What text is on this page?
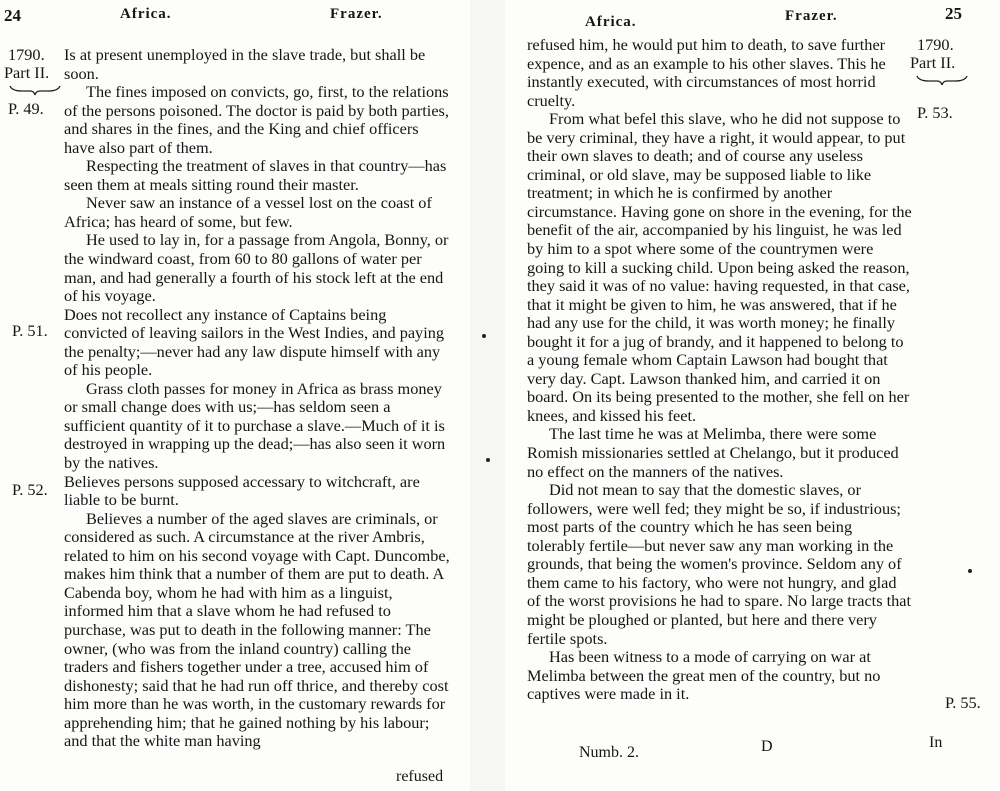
24	Africa.	Frazer.
1790.
Part II.
P. 49.
P. 51.
P. 52.

Is at present unemployed in the slave trade, but shall be soon.

The fines imposed on convicts, go, first, to the relations of the persons poisoned. The doctor is paid by both parties, and shares in the fines, and the King and chief officers have also part of them.

Respecting the treatment of slaves in that country—has seen them at meals sitting round their master.

Never saw an instance of a vessel lost on the coast of Africa; has heard of some, but few.

He used to lay in, for a passage from Angola, Bonny, or the windward coast, from 60 to 80 gallons of water per man, and had generally a fourth of his stock left at the end of his voyage.

Does not recollect any instance of Captains being convicted of leaving sailors in the West Indies, and paying the penalty;—never had any law dispute himself with any of his people.

Grass cloth passes for money in Africa as brass money or small change does with us;—has seldom seen a sufficient quantity of it to purchase a slave.—Much of it is destroyed in wrapping up the dead;—has also seen it worn by the natives.

Believes persons supposed accessary to witchcraft, are liable to be burnt.

Believes a number of the aged slaves are criminals, or considered as such. A circumstance at the river Ambris, related to him on his second voyage with Capt. Duncombe, makes him think that a number of them are put to death. A Cabenda boy, whom he had with him as a linguist, informed him that a slave whom he had refused to purchase, was put to death in the following manner: The owner, (who was from the inland country) calling the traders and fishers together under a tree, accused him of dishonesty; said that he had run off thrice, and thereby cost him more than he was worth, in the customary rewards for apprehending him; that he gained nothing by his labour; and that the white man having

refused
Africa.	Frazer.	25
1790.
Part II.
P. 53.
P. 55.

refused him, he would put him to death, to save further expence, and as an example to his other slaves. This he instantly executed, with circumstances of most horrid cruelty.

From what befel this slave, who he did not suppose to be very criminal, they have a right, it would appear, to put their own slaves to death; and of course any useless criminal, or old slave, may be supposed liable to like treatment; in which he is confirmed by another circumstance. Having gone on shore in the evening, for the benefit of the air, accompanied by his linguist, he was led by him to a spot where some of the countrymen were going to kill a sucking child. Upon being asked the reason, they said it was of no value: having requested, in that case, that it might be given to him, he was answered, that if he had any use for the child, it was worth money; he finally bought it for a jug of brandy, and it happened to belong to a young female whom Captain Lawson had bought that very day. Capt. Lawson thanked him, and carried it on board. On its being presented to the mother, she fell on her knees, and kissed his feet.

The last time he was at Melimba, there were some Romish missionaries settled at Chelango, but it produced no effect on the manners of the natives.

Did not mean to say that the domestic slaves, or followers, were well fed; they might be so, if industrious; most parts of the country which he has seen being tolerably fertile—but never saw any man working in the grounds, that being the women's province. Seldom any of them came to his factory, who were not hungry, and glad of the worst provisions he had to spare. No large tracts that might be ploughed or planted, but here and there very fertile spots.

Has been witness to a mode of carrying on war at Melimba between the great men of the country, but no captives were made in it.

Numb. 2.	D	In
